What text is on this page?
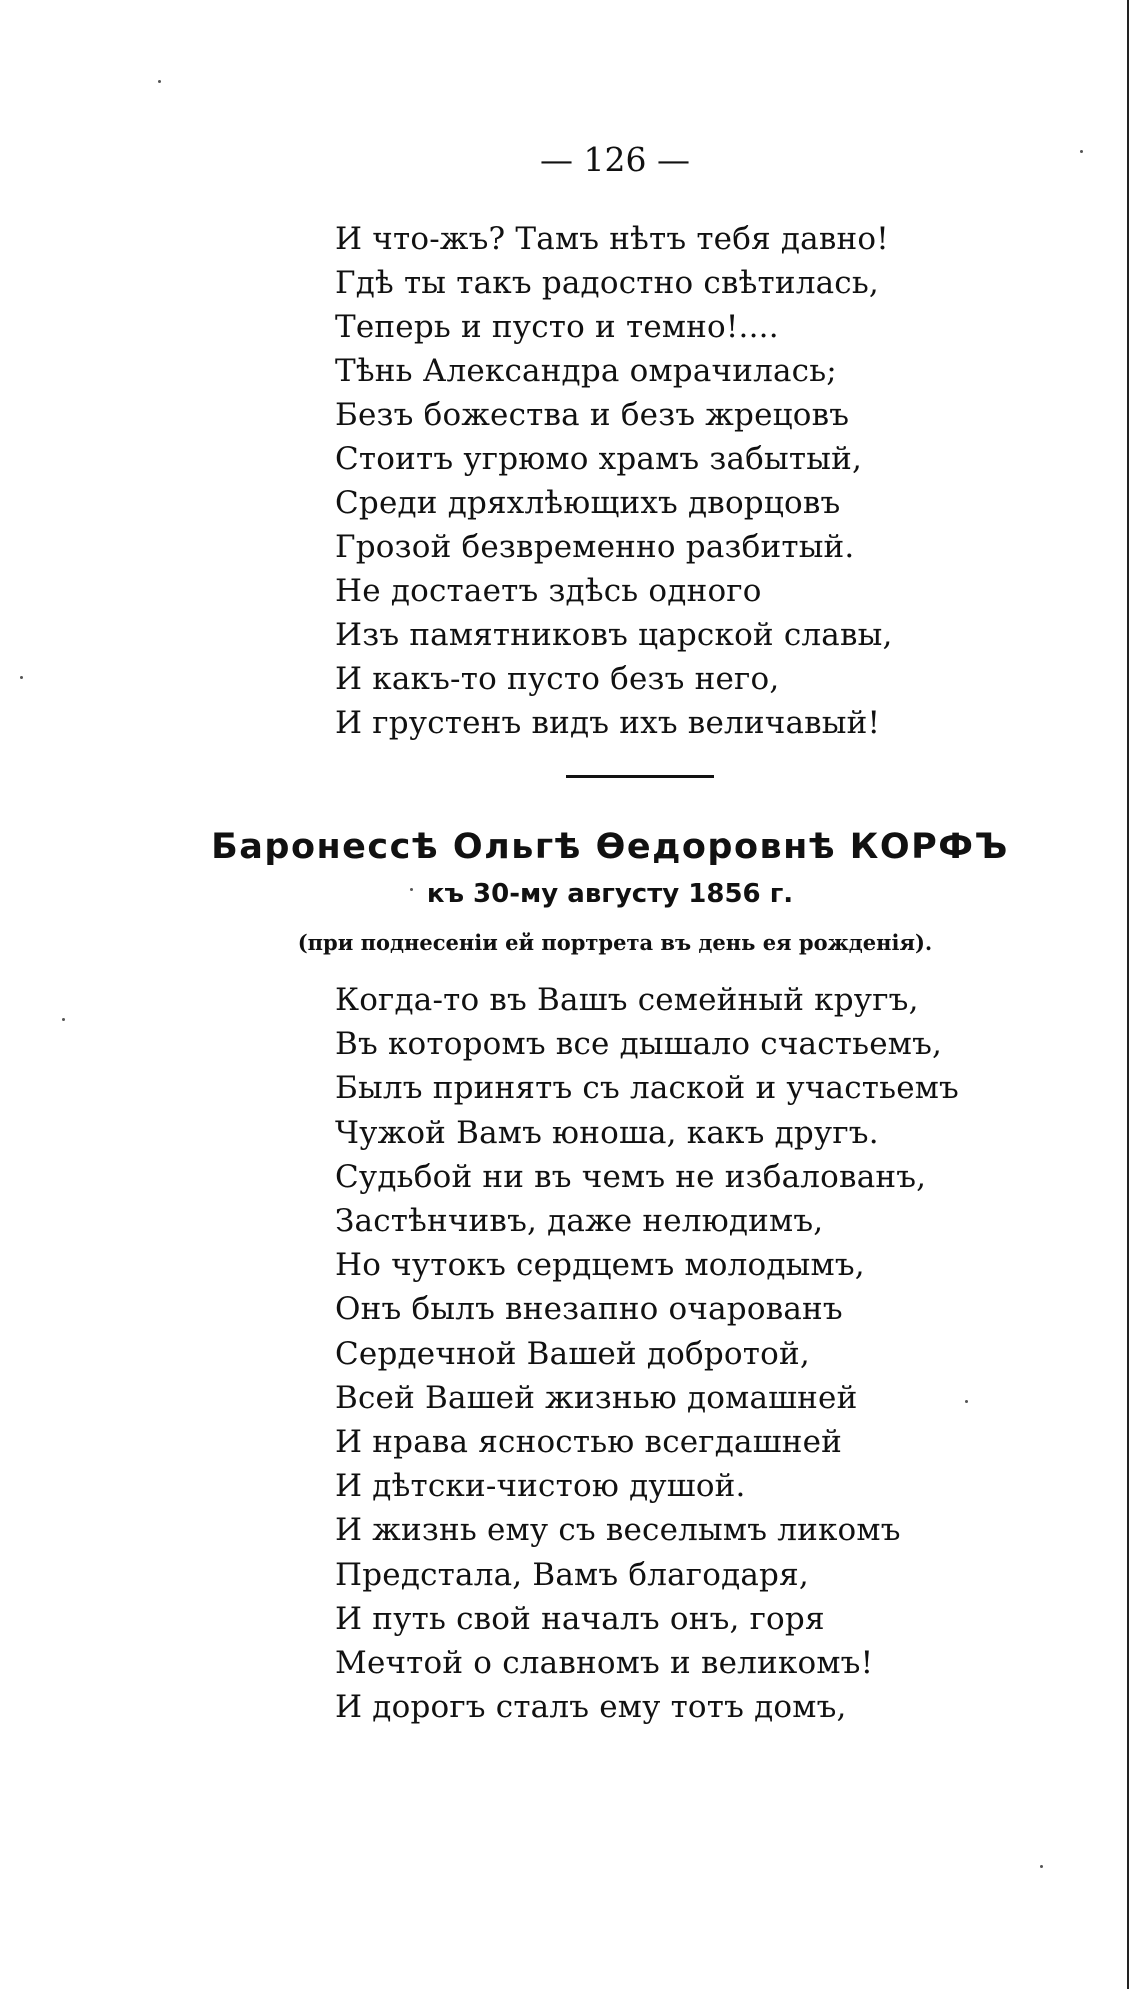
— 126 —
И что-жъ? Тамъ нѣтъ тебя давно!
Гдѣ ты такъ радостно свѣтилась,
Теперь и пусто и темно!....
Тѣнь Александра омрачилась;
Безъ божества и безъ жрецовъ
Стоитъ угрюмо храмъ забытый,
Среди дряхлѣющихъ дворцовъ
Грозой безвременно разбитый.
Не достаетъ здѣсь одного
Изъ памятниковъ царской славы,
И какъ-то пусто безъ него,
И грустенъ видъ ихъ величавый!
Баронессѣ Ольгѣ Ѳедоровнѣ КОРФЪ
къ 30-му августу 1856 г.
(при поднесеніи ей портрета въ день ея рожденія).
Когда-то въ Вашъ семейный кругъ,
Въ которомъ все дышало счастьемъ,
Былъ принятъ съ лаской и участьемъ
Чужой Вамъ юноша, какъ другъ.
Судьбой ни въ чемъ не избалованъ,
Застѣнчивъ, даже нелюдимъ,
Но чутокъ сердцемъ молодымъ,
Онъ былъ внезапно очарованъ
Сердечной Вашей добротой,
Всей Вашей жизнью домашней
И нрава ясностью всегдашней
И дѣтски-чистою душой.
И жизнь ему съ веселымъ ликомъ
Предстала, Вамъ благодаря,
И путь свой началъ онъ, горя
Мечтой о славномъ и великомъ!
И дорогъ сталъ ему тотъ домъ,
